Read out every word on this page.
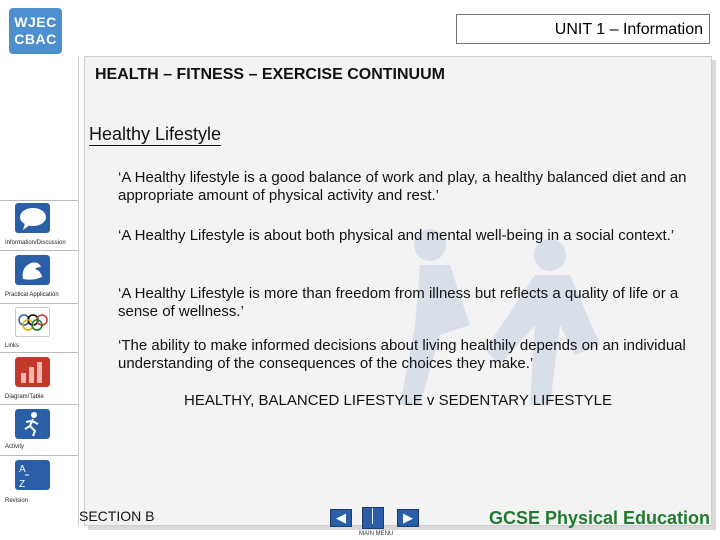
WJEC
CBAC
UNIT 1 – Information
HEALTH – FITNESS – EXERCISE CONTINUUM
Healthy Lifestyle
‘A Healthy lifestyle is a good balance of work and play, a healthy balanced diet and an appropriate amount of physical activity and rest.’
‘A Healthy Lifestyle is about both physical and mental well-being in a social context.’
‘A Healthy Lifestyle is more than freedom from illness but reflects a quality of life or a sense of wellness.’
‘The ability to make informed decisions about living healthily depends on an individual understanding of the consequences of the choices they make.’
HEALTHY, BALANCED LIFESTYLE v SEDENTARY LIFESTYLE
Information/Discussion
Practical Application
Links
Diagram/Table
Activity
A
Z
Revision
SECTION B	◀	│	▶
MAIN MENU
GCSE Physical Education
